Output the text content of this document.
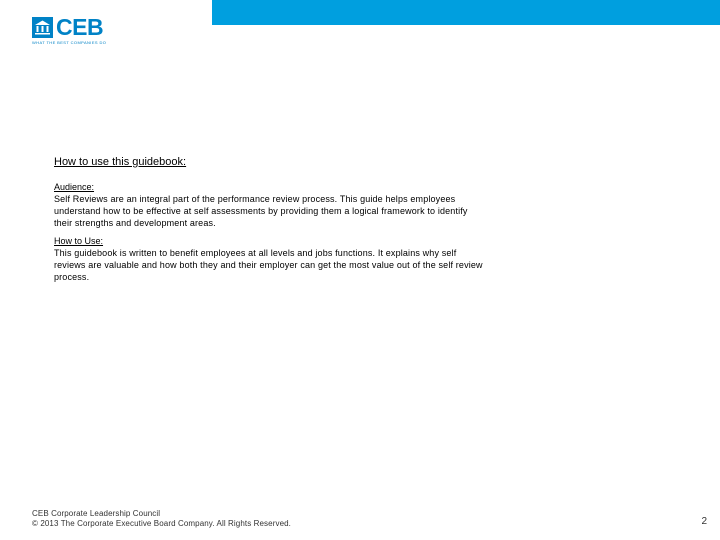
CEB
WHAT THE BEST COMPANIES DO
How to use this guidebook:
Audience:
Self Reviews are an integral part of the performance review process. This guide helps employees understand how to be effective at self assessments by providing them a logical framework to identify their strengths and development areas.
How to Use:
This guidebook is written to benefit employees at all levels and jobs functions. It explains why self reviews are valuable and how both they and their employer can get the most value out of the self review process.
CEB Corporate Leadership Council
© 2013 The Corporate Executive Board Company. All Rights Reserved.	2
